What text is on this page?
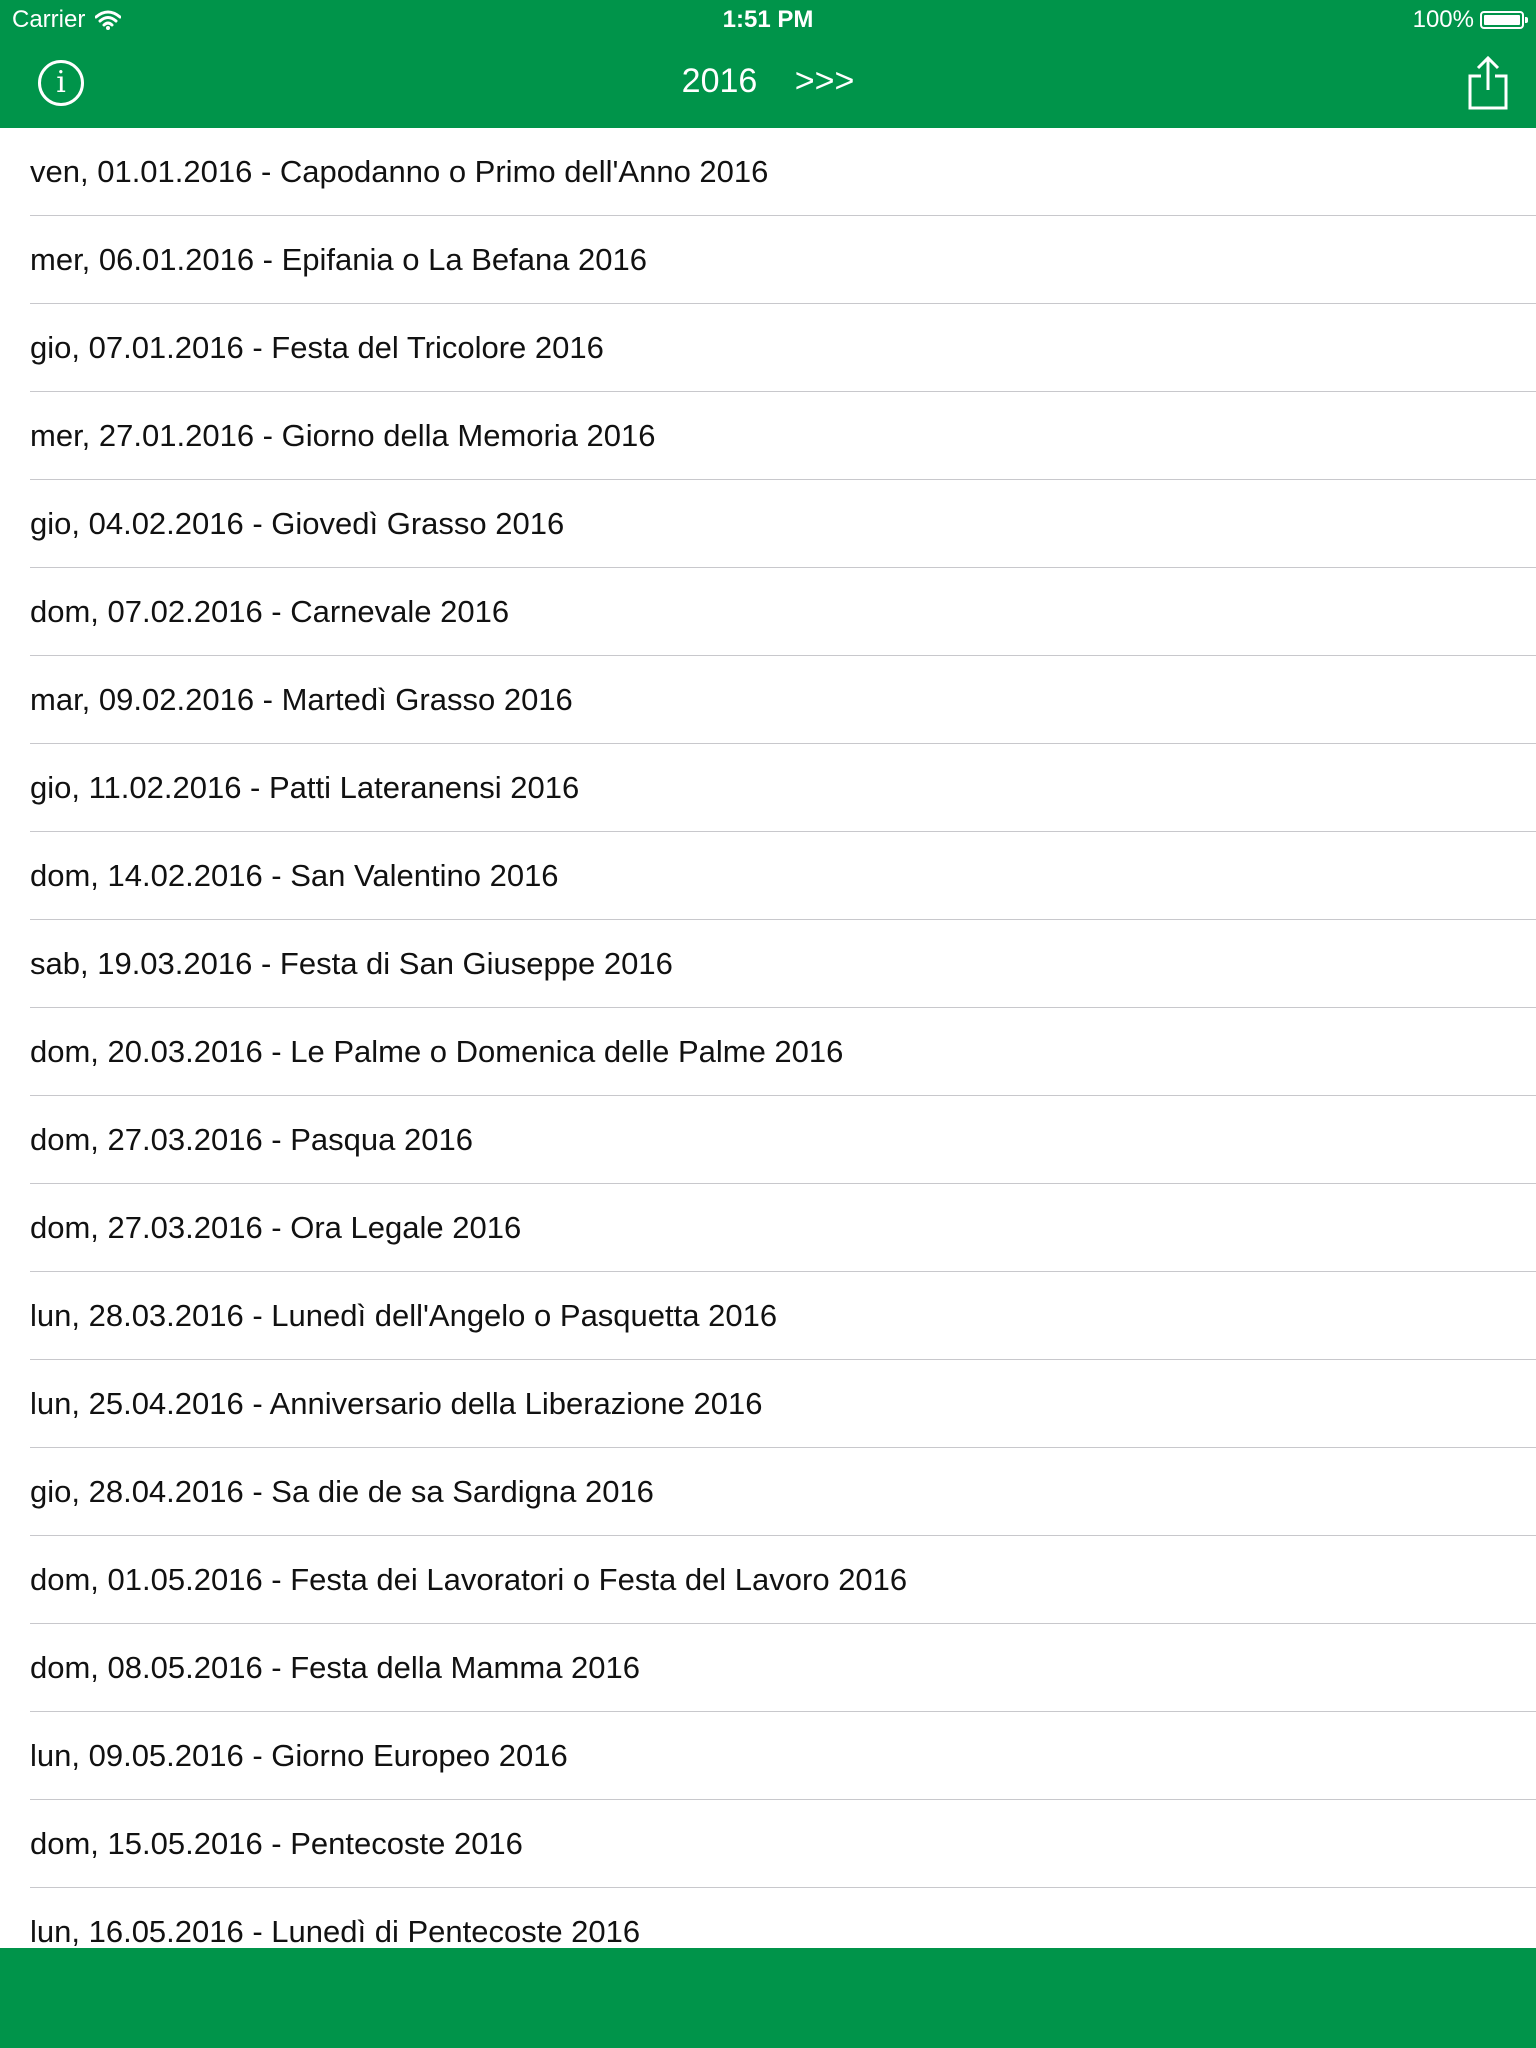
Carrier	1:51 PM	100%
i	2016 >>>
ven, 01.01.2016 - Capodanno o Primo dell'Anno 2016
mer, 06.01.2016 - Epifania o La Befana 2016
gio, 07.01.2016 - Festa del Tricolore 2016
mer, 27.01.2016 - Giorno della Memoria 2016
gio, 04.02.2016 - Giovedì Grasso 2016
dom, 07.02.2016 - Carnevale 2016
mar, 09.02.2016 - Martedì Grasso 2016
gio, 11.02.2016 - Patti Lateranensi 2016
dom, 14.02.2016 - San Valentino 2016
sab, 19.03.2016 - Festa di San Giuseppe 2016
dom, 20.03.2016 - Le Palme o Domenica delle Palme 2016
dom, 27.03.2016 - Pasqua 2016
dom, 27.03.2016 - Ora Legale 2016
lun, 28.03.2016 - Lunedì dell'Angelo o Pasquetta 2016
lun, 25.04.2016 - Anniversario della Liberazione 2016
gio, 28.04.2016 - Sa die de sa Sardigna 2016
dom, 01.05.2016 - Festa dei Lavoratori o Festa del Lavoro 2016
dom, 08.05.2016 - Festa della Mamma 2016
lun, 09.05.2016 - Giorno Europeo 2016
dom, 15.05.2016 - Pentecoste 2016
lun, 16.05.2016 - Lunedì di Pentecoste 2016
